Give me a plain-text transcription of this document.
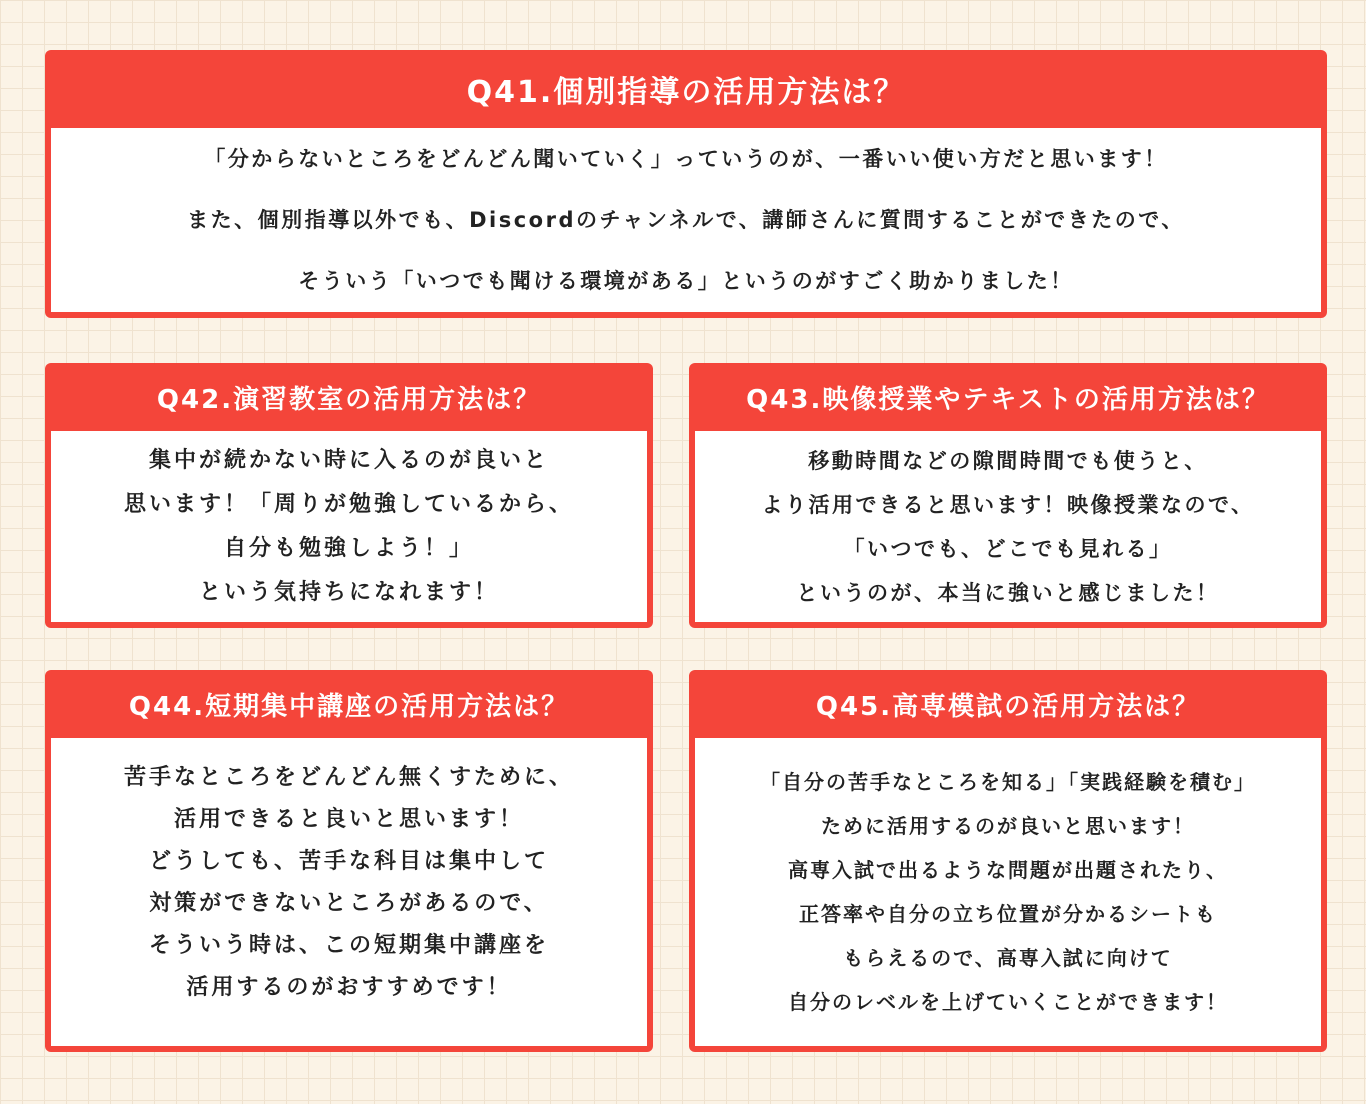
Q41.個別指導の活用方法は？
「分からないところをどんどん聞いていく」っていうのが、一番いい使い方だと思います！
また、個別指導以外でも、Discordのチャンネルで、講師さんに質問することができたので、
そういう「いつでも聞ける環境がある」というのがすごく助かりました！
Q42.演習教室の活用方法は？
集中が続かない時に入るのが良いと
思います！「周りが勉強しているから、
自分も勉強しよう！」
という気持ちになれます！
Q43.映像授業やテキストの活用方法は？
移動時間などの隙間時間でも使うと、
より活用できると思います！映像授業なので、
「いつでも、どこでも見れる」
というのが、本当に強いと感じました！
Q44.短期集中講座の活用方法は？
苦手なところをどんどん無くすために、
活用できると良いと思います！
どうしても、苦手な科目は集中して
対策ができないところがあるので、
そういう時は、この短期集中講座を
活用するのがおすすめです！
Q45.高専模試の活用方法は？
「自分の苦手なところを知る」「実践経験を積む」
ために活用するのが良いと思います！
高専入試で出るような問題が出題されたり、
正答率や自分の立ち位置が分かるシートも
もらえるので、高専入試に向けて
自分のレベルを上げていくことができます！
